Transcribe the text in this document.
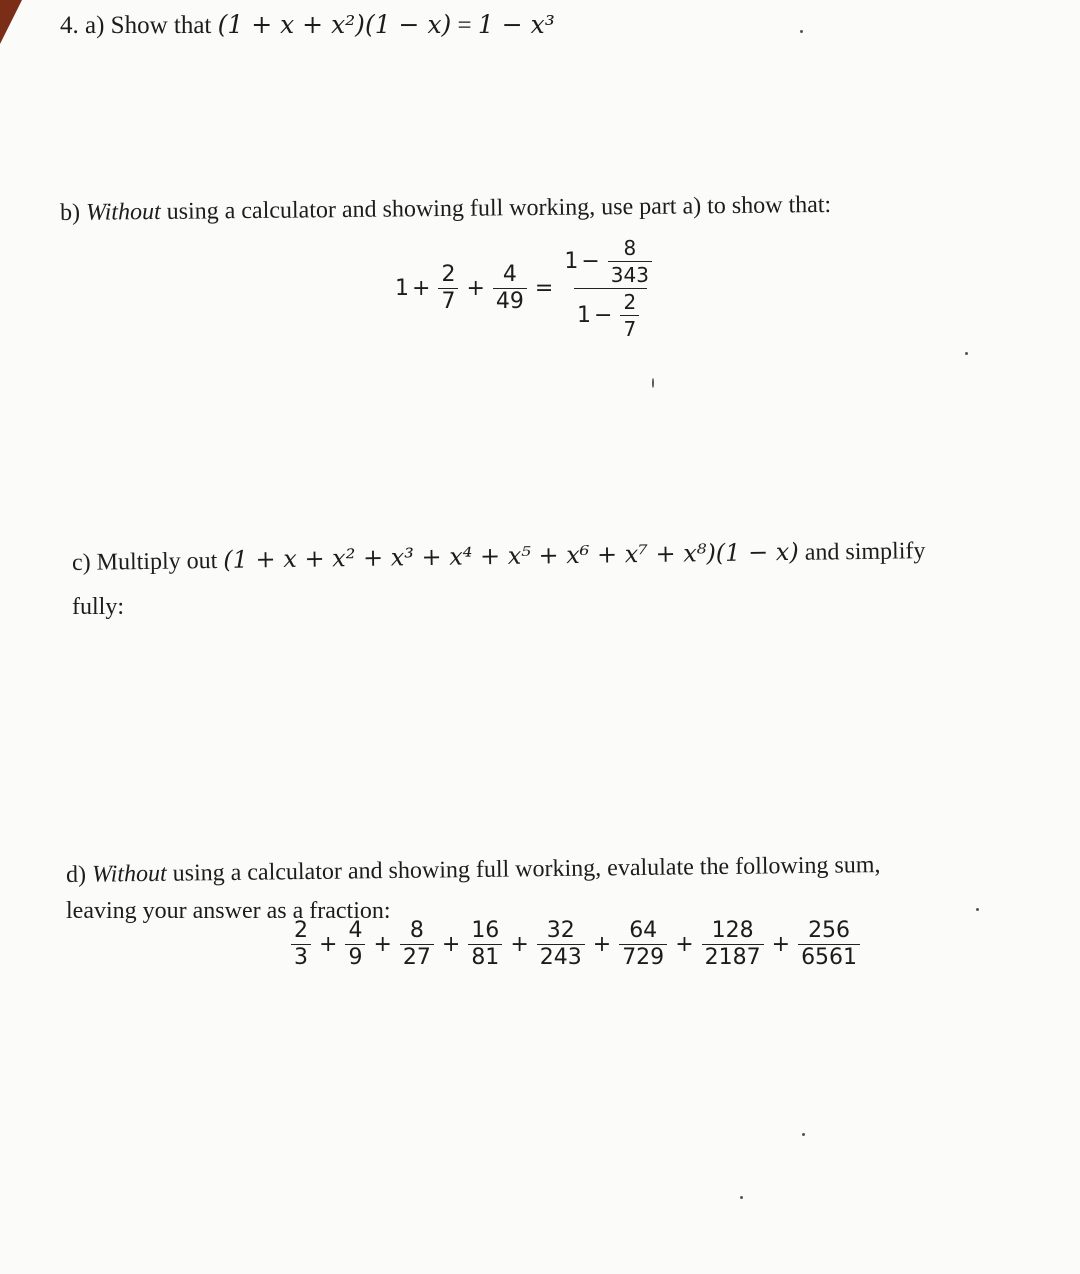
4. a) Show that (1 + x + x²)(1 − x) = 1 − x³
b) Without using a calculator and showing full working, use part a) to show that:
$1 + \frac{2}{7} + \frac{4}{49} = \frac{1 - \frac{8}{343}}{1 - \frac{2}{7}}$
c) Multiply out (1 + x + x² + x³ + x⁴ + x⁵ + x⁶ + x⁷ + x⁸)(1 − x) and simplify
fully:
d) Without using a calculator and showing full working, evalulate the following sum,
leaving your answer as a fraction:
$\frac{2}{3} + \frac{4}{9} + \frac{8}{27} + \frac{16}{81} + \frac{32}{243} + \frac{64}{729} + \frac{128}{2187} + \frac{256}{6561}$
